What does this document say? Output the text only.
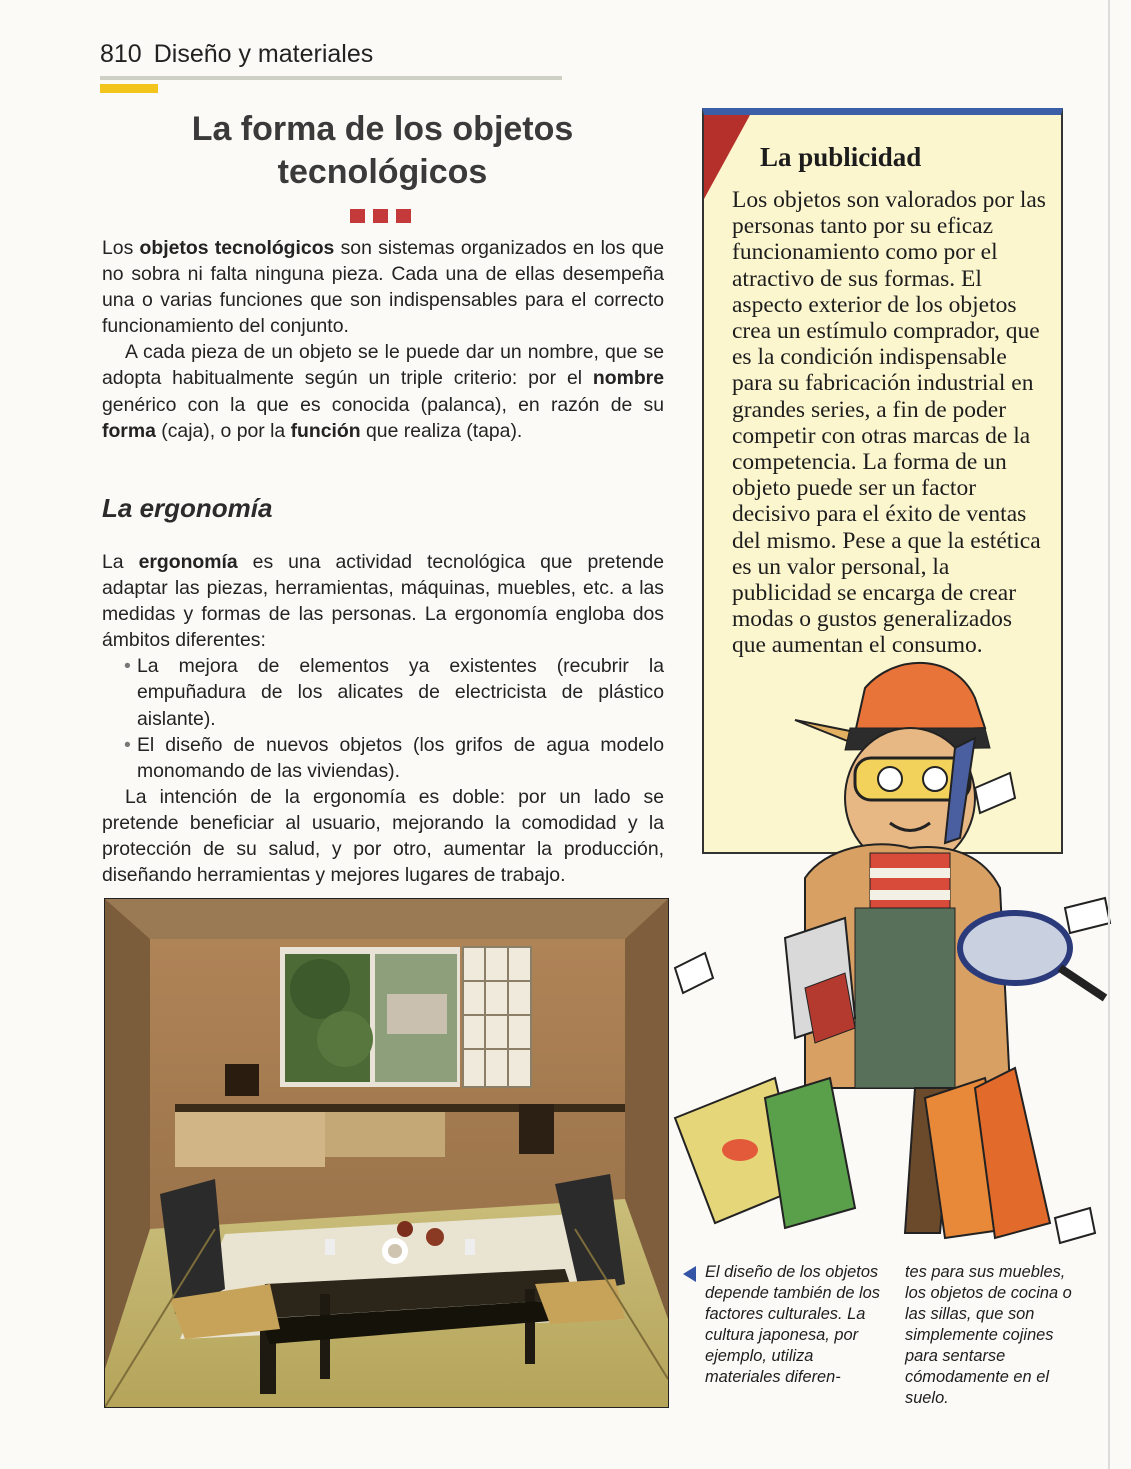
810 Diseño y materiales
La forma de los objetos
tecnológicos

Los objetos tecnológicos son sistemas organizados en los que no sobra ni falta ninguna pieza. Cada una de ellas desempeña una o varias funciones que son indispensables para el correcto funcionamiento del conjunto.

A cada pieza de un objeto se le puede dar un nombre, que se adopta habitualmente según un triple criterio: por el nombre genérico con la que es conocida (palanca), en razón de su forma (caja), o por la función que realiza (tapa).

La ergonomía

La ergonomía es una actividad tecnológica que pretende adaptar las piezas, herramientas, máquinas, muebles, etc. a las medidas y formas de las personas. La ergonomía engloba dos ámbitos diferentes:

• La mejora de elementos ya existentes (recubrir la empuñadura de los alicates de electricista de plástico aislante).

• El diseño de nuevos objetos (los grifos de agua modelo monomando de las viviendas).

La intención de la ergonomía es doble: por un lado se pretende beneficiar al usuario, mejorando la comodidad y la protección de su salud, y por otro, aumentar la producción, diseñando herramientas y mejores lugares de trabajo.

La publicidad
Los objetos son valorados por las personas tanto por su eficaz funcionamiento como por el atractivo de sus formas. El aspecto exterior de los objetos crea un estímulo comprador, que es la condición indispensable para su fabricación industrial en grandes series, a fin de poder competir con otras marcas de la competencia. La forma de un objeto puede ser un factor decisivo para el éxito de ventas del mismo. Pese a que la estética es un valor personal, la publicidad se encarga de crear modas o gustos generalizados que aumentan el consumo.
El diseño de los objetos depende también de los factores culturales. La cultura japonesa, por ejemplo, utiliza materiales diferen-
tes para sus muebles, los objetos de cocina o las sillas, que son simplemente cojines para sentarse cómodamente en el suelo.
